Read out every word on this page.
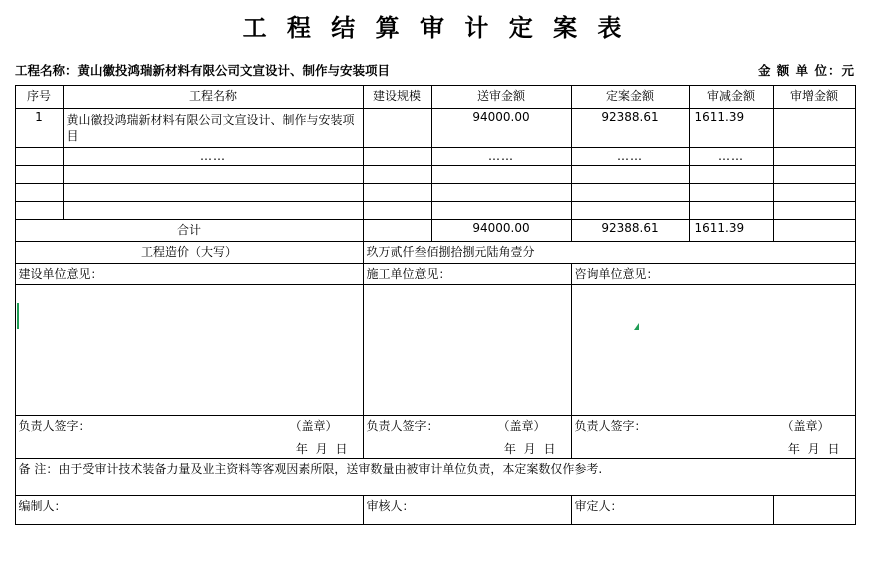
工 程 结 算 审 计 定 案 表
工程名称：黄山徽投鸿瑞新材料有限公司文宣设计、制作与安装项目	金 额 单 位：元
序号	工程名称	建设规模	送审金额	定案金额	审减金额	审增金额
1	黄山徽投鸿瑞新材料有限公司文宣设计、制作与安装项目		94000.00	92388.61	1611.39	
	……		……	……	……	

合计			94000.00	92388.61	1611.39	
工程造价（大写）		玖万贰仟叁佰捌拾捌元陆角壹分				
建设单位意见：		施工单位意见：		咨询单位意见：		

负责人签字：	（盖章）
年 月 日

负责人签字：	（盖章）
年 月 日

负责人签字：	（盖章）
年 月 日

备 注：由于受审计技术装备力量及业主资料等客观因素所限，送审数量由被审计单位负责，本定案数仅作参考.						
编制人：		审核人：		审定人：		
